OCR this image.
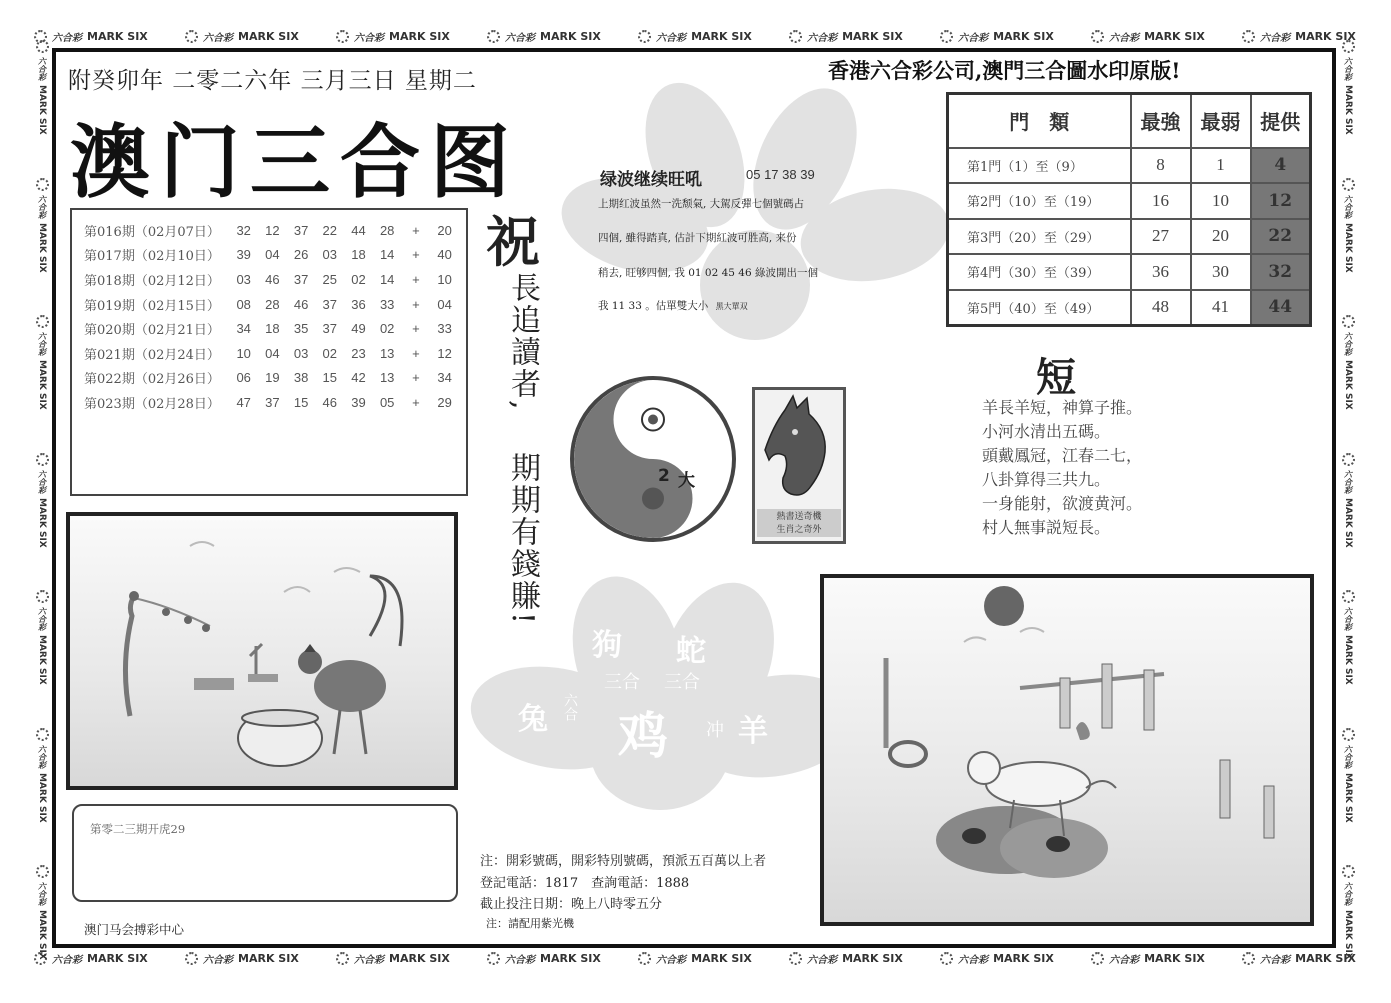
六合彩 MARK SIX	六合彩 MARK SIX	六合彩 MARK SIX	六合彩 MARK SIX	六合彩 MARK SIX	六合彩 MARK SIX	六合彩 MARK SIX	六合彩 MARK SIX	六合彩 MARK SIX
六合彩 MARK SIX	六合彩 MARK SIX	六合彩 MARK SIX	六合彩 MARK SIX	六合彩 MARK SIX	六合彩 MARK SIX	六合彩 MARK SIX	六合彩 MARK SIX	六合彩 MARK SIX
六合彩
MARK SIX
六合彩
MARK SIX
六合彩
MARK SIX
六合彩
MARK SIX
六合彩
MARK SIX
六合彩
MARK SIX
六合彩
MARK SIX
六合彩
MARK SIX
六合彩
MARK SIX
六合彩
MARK SIX
六合彩
MARK SIX
六合彩
MARK SIX
六合彩
MARK SIX
六合彩
MARK SIX
附癸卯年 二零二六年 三月三日 星期二
澳门三合图
香港六合彩公司,澳門三合圖水印原版!
狗 蛇
三合 三合
兔 六合 鸡 冲 羊
第016期（02月07日）	32 12 37 22 44 28	+	20
第017期（02月10日）	39 04 26 03 18 14	+	40
第018期（02月12日）	03 46 37 25 02 14	+	10
第019期（02月15日）	08 28 46 37 36 33	+	04
第020期（02月21日）	34 18 35 37 49 02	+	33
第021期（02月24日）	10 04 03 02 23 13	+	12
第022期（02月26日）	06 19 38 15 42 13	+	34
第023期（02月28日）	47 37 15 46 39 05	+	29
祝
長追讀者,
期期有錢賺!
绿波继续旺吼	05 17 38 39
上期红波虽然一洗颓氣, 大駕反彈七個號碼占
四個, 雖得踏真, 估計下期紅波可胜高, 来份
稍去, 旺够四個, 我 01 02 45 46 綠波開出一個
我 11 33 。估單雙大小 黑大單双
5
2 大
熱書送奇機
生肖之奇外
門　類	最強	最弱	提供
第1門（1）至（9）	8	1	4
第2門（10）至（19）	16	10	12
第3門（20）至（29）	27	20	22
第4門（30）至（39）	36	30	32
第5門（40）至（49）	48	41	44
短
羊長羊短，神算子推。
小河水清出五碼。
頭戴鳳冠，江春二七，
八卦算得三共九。
一身能射，欲渡黄河。
村人無事説短長。
第零二三期开虎29
澳门马会搏彩中心
注：開彩號碼，開彩特別號碼，預派五百萬以上者
登記電話：1817　查詢電話：1888
截止投注日期：晚上八時零五分
注：請配用紫光機
